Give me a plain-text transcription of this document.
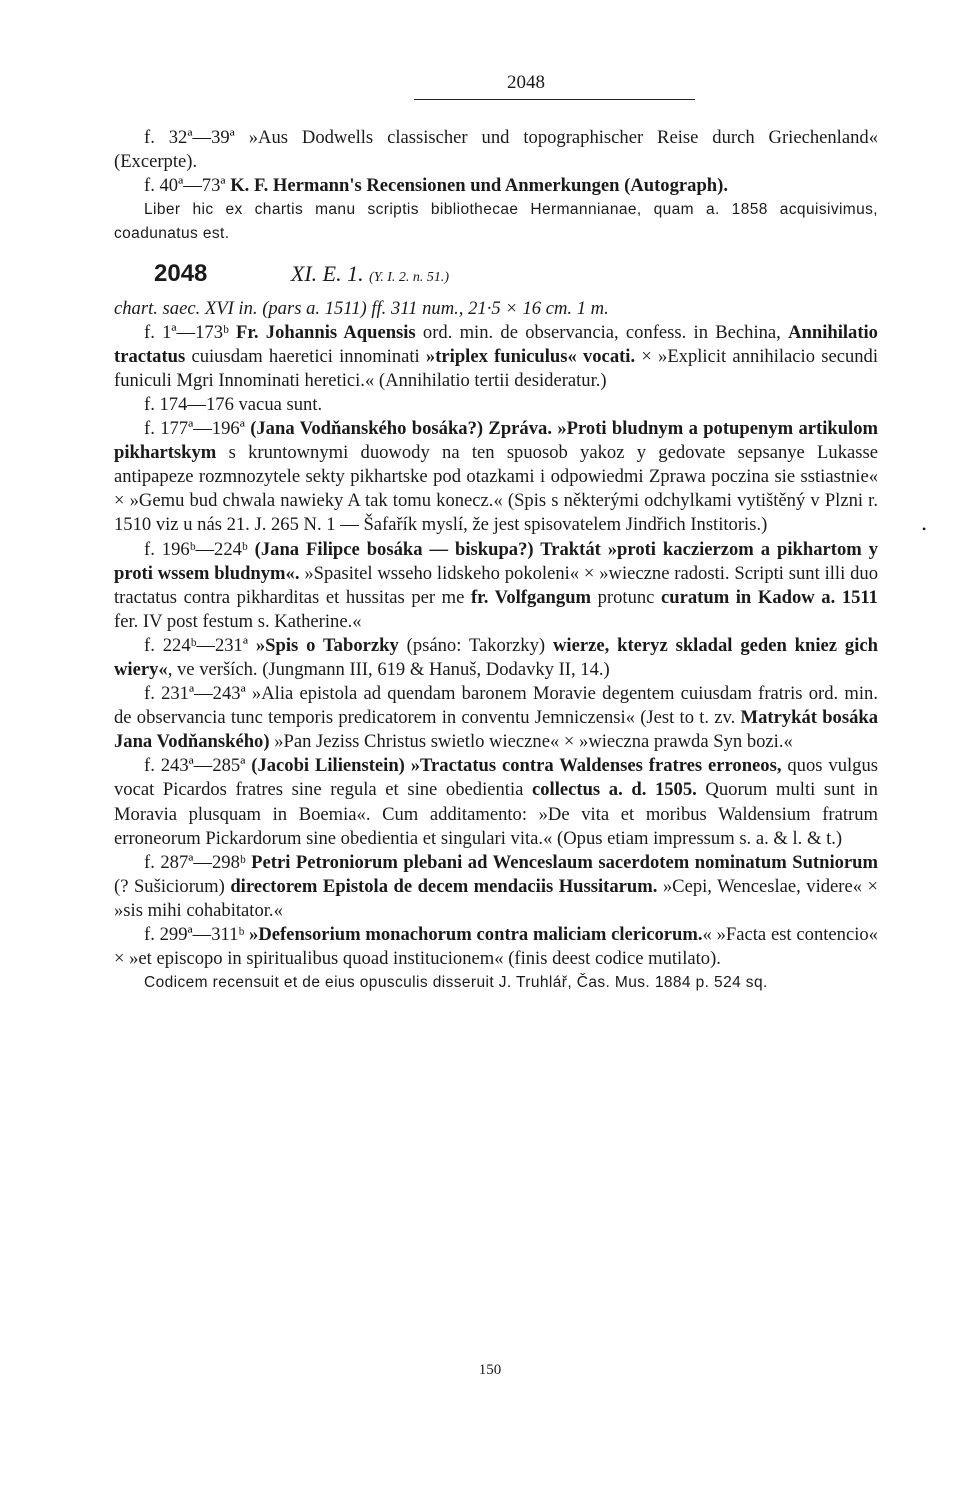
2048

f. 32ª—39ª »Aus Dodwells classischer und topographischer Reise durch Griechenland« (Excerpte).

f. 40ª—73ª K. F. Hermann's Recensionen und Anmerkungen (Autograph).

Liber hic ex chartis manu scriptis bibliothecae Hermannianae, quam a. 1858 acquisivimus, coadunatus est.

2048	XI. E. 1. (Y. I. 2. n. 51.)

chart. saec. XVI in. (pars a. 1511) ff. 311 num., 21·5 × 16 cm. 1 m.

f. 1ª—173ᵇ Fr. Johannis Aquensis ord. min. de observancia, confess. in Bechina, Annihilatio tractatus cuiusdam haeretici innominati »triplex funiculus« vocati. × »Explicit annihilacio secundi funiculi Mgri Innominati heretici.« (Annihilatio tertii desideratur.)

f. 174—176 vacua sunt.

f. 177ª—196ª (Jana Vodňanského bosáka?) Zpráva. »Proti bludnym a potupenym artikulom pikhartskym s kruntownymi duowody na ten spuosob yakoz y gedovate sepsanye Lukasse antipapeze rozmnozytele sekty pikhartske pod otazkami i odpowiedmi Zprawa poczina sie sstiastnie« × »Gemu bud chwala nawieky A tak tomu konecz.« (Spis s některými odchylkami vytištěný v Plzni r. 1510 viz u nás 21. J. 265 N. 1 — Šafařík myslí, že jest spisovatelem Jindřich Institoris.)

f. 196ᵇ—224ᵇ (Jana Filipce bosáka — biskupa?) Traktát »proti kaczierzom a pikhartom y proti wssem bludnym«. »Spasitel wsseho lidskeho pokoleni« × »wieczne radosti. Scripti sunt illi duo tractatus contra pikharditas et hussitas per me fr. Volfgangum protunc curatum in Kadow a. 1511 fer. IV post festum s. Katherine.«

f. 224ᵇ—231ª »Spis o Taborzky (psáno: Takorzky) wierze, kteryz skladal geden kniez gich wiery«, ve verších. (Jungmann III, 619 & Hanuš, Dodavky II, 14.)

f. 231ª—243ª »Alia epistola ad quendam baronem Moravie degentem cuiusdam fratris ord. min. de observancia tunc temporis predicatorem in conventu Jemniczensi« (Jest to t. zv. Matrykát bosáka Jana Vodňanského) »Pan Jeziss Christus swietlo wieczne« × »wieczna prawda Syn bozi.«

f. 243ª—285ª (Jacobi Lilienstein) »Tractatus contra Waldenses fratres erroneos, quos vulgus vocat Picardos fratres sine regula et sine obedientia collectus a. d. 1505. Quorum multi sunt in Moravia plusquam in Boemia«. Cum additamento: »De vita et moribus Waldensium fratrum erroneorum Pickardorum sine obedientia et singulari vita.« (Opus etiam impressum s. a. & l. & t.)

f. 287ª—298ᵇ Petri Petroniorum plebani ad Wenceslaum sacerdotem nominatum Sutniorum (? Sušiciorum) directorem Epistola de decem mendaciis Hussitarum. »Cepi, Wenceslae, videre« × »sis mihi cohabitator.«

f. 299ª—311ᵇ »Defensorium monachorum contra maliciam clericorum.« »Facta est contencio« × »et episcopo in spiritualibus quoad institucionem« (finis deest codice mutilato).

Codicem recensuit et de eius opusculis disseruit J. Truhlář, Čas. Mus. 1884 p. 524 sq.

150
•
